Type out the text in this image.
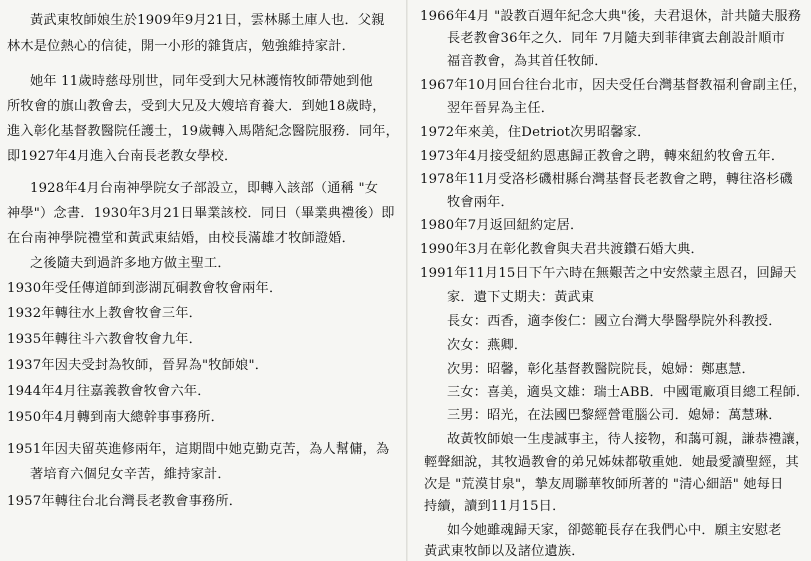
黃武東牧師娘生於1909年9月21日，雲林縣土庫人也．父親
林木是位熱心的信徒，開一小形的雜貨店，勉強維持家計．
她年 11歲時慈母別世，同年受到大兄林護惰牧師帶她到他
所牧會的旗山教會去，受到大兄及大嫂培育養大．到她18歲時，
進入彰化基督教醫院任護士，19歲轉入馬階紀念醫院服務．同年，
即1927年4月進入台南長老教女學校．
1928年4月台南神學院女子部設立，即轉入該部（通稱 "女
神學"）念書．1930年3月21日畢業該校．同日（畢業典禮後）即
在台南神學院禮堂和黃武東結婚，由校長滿雄才牧師證婚．
之後隨夫到過許多地方做主聖工．
1930年受任傳道師到澎湖瓦硐教會牧會兩年．
1932年轉往水上教會牧會三年．
1935年轉往斗六教會牧會九年．
1937年因夫受封為牧師，晉昇為"牧師娘"．
1944年4月往嘉義教會牧會六年．
1950年4月轉到南大總幹事事務所．
1951年因夫留英進修兩年，這期間中她克勤克苦，為人幫傭，為
著培育六個兒女辛苦，維持家計．
1957年轉往台北台灣長老教會事務所．
1966年4月 "設教百週年紀念大典"後，夫君退休，計共隨夫服務
長老教會36年之久．同年 7月隨夫到菲律賓去創設計順市
福音教會，為其首任牧師．
1967年10月回台往台北市，因夫受任台灣基督教福利會副主任，
翌年晉昇為主任．
1972年來美，住Detriot次男昭馨家．
1973年4月接受紐約恩惠歸正教會之聘，轉來紐約牧會五年．
1978年11月受洛杉磯柑縣台灣基督長老教會之聘，轉往洛杉磯
牧會兩年．
1980年7月返回紐約定居．
1990年3月在彰化教會與夫君共渡鑽石婚大典．
1991年11月15日下午六時在無艱苦之中安然蒙主恩召，回歸天
家．遺下丈期夫：黃武東
長女：西香，適李俊仁：國立台灣大學醫學院外科教授．
次女：燕卿．
次男：昭馨，彰化基督教醫院院長，媳婦：鄭惠慧．
三女：喜美，適吳文雄：瑞士ABB．中國電廠項目總工程師．
三男：昭光，在法國巴黎經營電腦公司．媳婦：萬慧琳．
故黃牧師娘一生虔誠事主，待人接物，和藹可親，謙恭禮讓，
輕聲細說，其牧過教會的弟兄姊妹都敬重她．她最愛讀聖經，其
次是 "荒漠甘泉"，摯友周聯華牧師所著的 "清心細語" 她每日
持續，讀到11月15日．
如今她雖魂歸天家，卻懿範長存在我們心中．願主安慰老
黃武東牧師以及諸位遺族．
